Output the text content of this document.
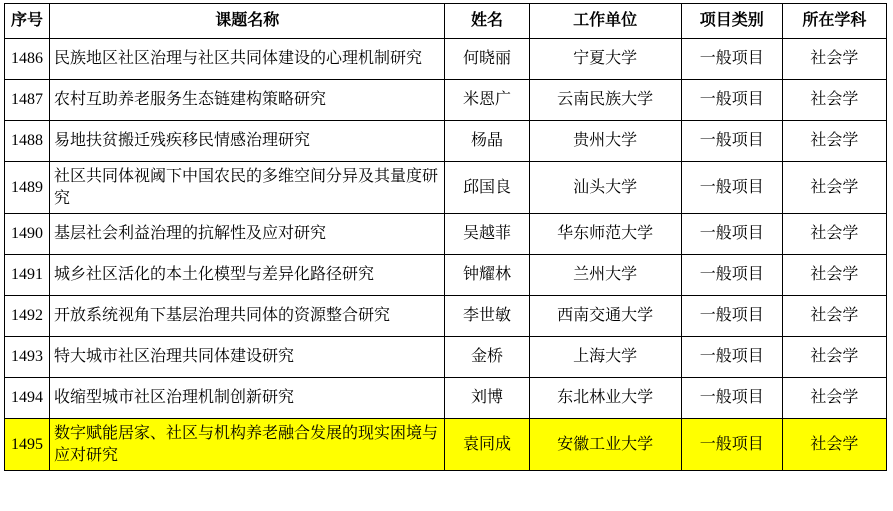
序号	课题名称	姓名	工作单位	项目类别	所在学科
1486	民族地区社区治理与社区共同体建设的心理机制研究	何晓丽	宁夏大学	一般项目	社会学
1487	农村互助养老服务生态链建构策略研究	米恩广	云南民族大学	一般项目	社会学
1488	易地扶贫搬迁残疾移民情感治理研究	杨晶	贵州大学	一般项目	社会学
1489	社区共同体视阈下中国农民的多维空间分异及其量度研究	邱国良	汕头大学	一般项目	社会学
1490	基层社会利益治理的抗解性及应对研究	吴越菲	华东师范大学	一般项目	社会学
1491	城乡社区活化的本土化模型与差异化路径研究	钟耀林	兰州大学	一般项目	社会学
1492	开放系统视角下基层治理共同体的资源整合研究	李世敏	西南交通大学	一般项目	社会学
1493	特大城市社区治理共同体建设研究	金桥	上海大学	一般项目	社会学
1494	收缩型城市社区治理机制创新研究	刘博	东北林业大学	一般项目	社会学
1495	数字赋能居家、社区与机构养老融合发展的现实困境与应对研究	袁同成	安徽工业大学	一般项目	社会学
